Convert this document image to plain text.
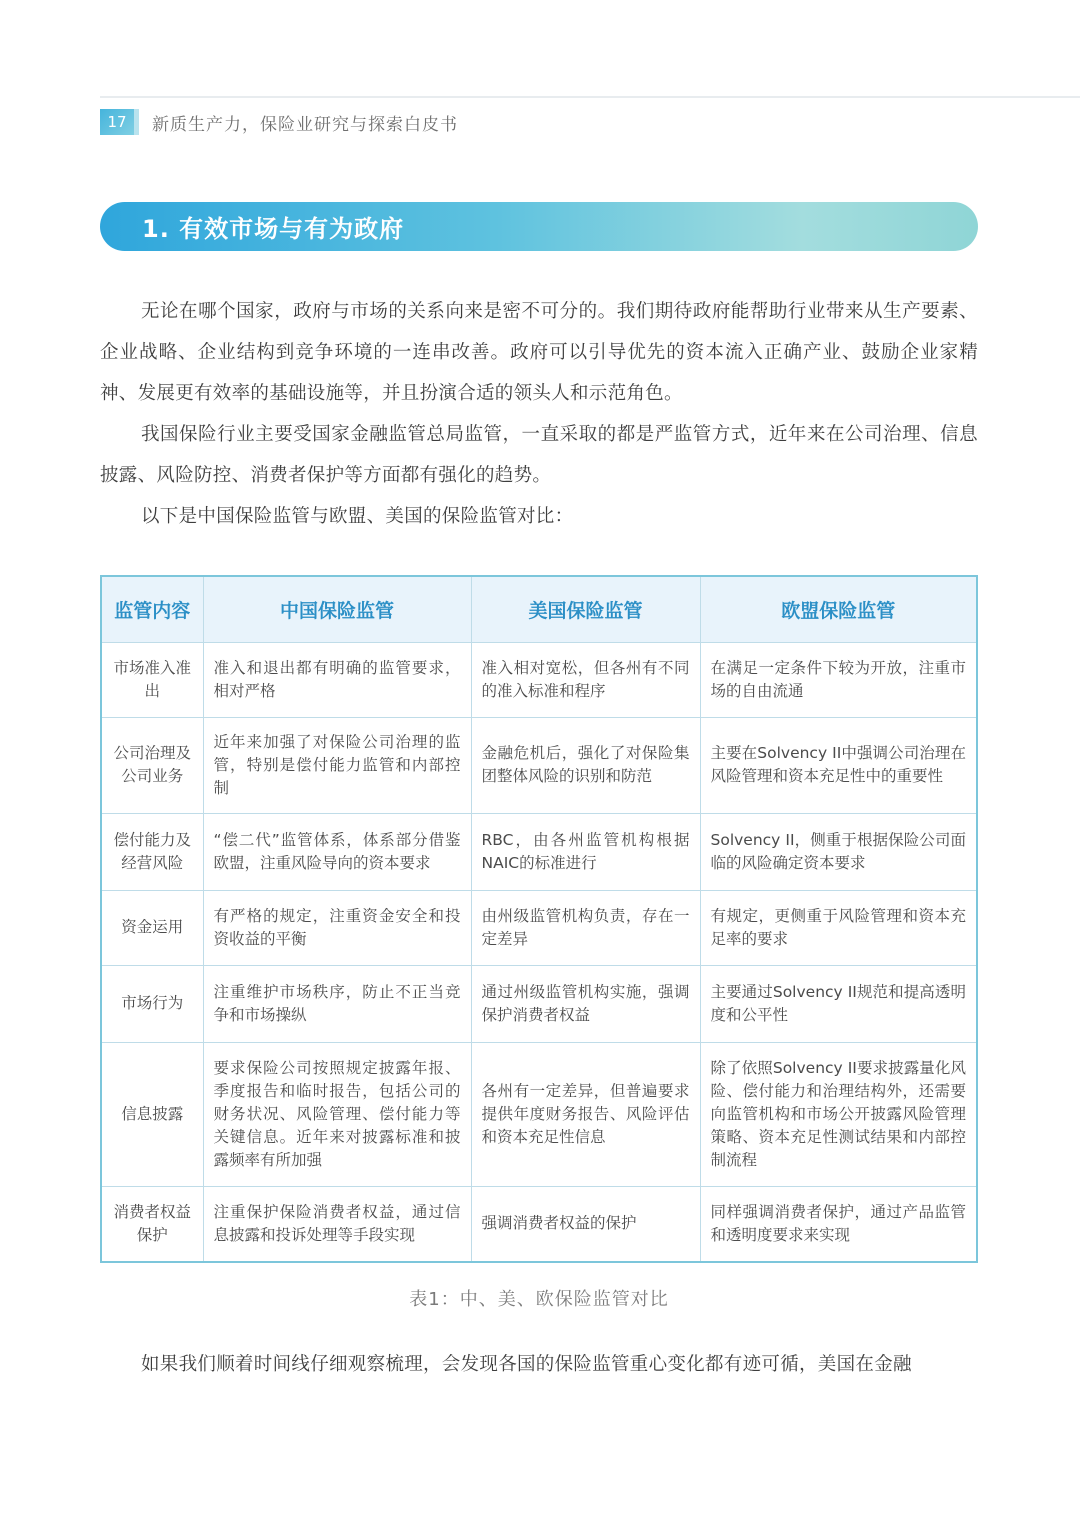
17	新质生产力，保险业研究与探索白皮书
1. 有效市场与有为政府

无论在哪个国家，政府与市场的关系向来是密不可分的。我们期待政府能帮助行业带来从生产要素、企业战略、企业结构到竞争环境的一连串改善。政府可以引导优先的资本流入正确产业、鼓励企业家精神、发展更有效率的基础设施等，并且扮演合适的领头人和示范角色。

我国保险行业主要受国家金融监管总局监管，一直采取的都是严监管方式，近年来在公司治理、信息披露、风险防控、消费者保护等方面都有强化的趋势。

以下是中国保险监管与欧盟、美国的保险监管对比：

监管内容	中国保险监管	美国保险监管	欧盟保险监管
市场准入准出	准入和退出都有明确的监管要求，相对严格	准入相对宽松，但各州有不同的准入标准和程序	在满足一定条件下较为开放，注重市场的自由流通
公司治理及公司业务	近年来加强了对保险公司治理的监管，特别是偿付能力监管和内部控制	金融危机后，强化了对保险集团整体风险的识别和防范	主要在Solvency II中强调公司治理在风险管理和资本充足性中的重要性
偿付能力及经营风险	“偿二代”监管体系，体系部分借鉴欧盟，注重风险导向的资本要求	RBC，由各州监管机构根据NAIC的标准进行	Solvency II，侧重于根据保险公司面临的风险确定资本要求
资金运用	有严格的规定，注重资金安全和投资收益的平衡	由州级监管机构负责，存在一定差异	有规定，更侧重于风险管理和资本充足率的要求
市场行为	注重维护市场秩序，防止不正当竞争和市场操纵	通过州级监管机构实施，强调保护消费者权益	主要通过Solvency II规范和提高透明度和公平性
信息披露	要求保险公司按照规定披露年报、季度报告和临时报告，包括公司的财务状况、风险管理、偿付能力等关键信息。近年来对披露标准和披露频率有所加强	各州有一定差异，但普遍要求提供年度财务报告、风险评估和资本充足性信息	除了依照Solvency II要求披露量化风险、偿付能力和治理结构外，还需要向监管机构和市场公开披露风险管理策略、资本充足性测试结果和内部控制流程
消费者权益保护	注重保护保险消费者权益，通过信息披露和投诉处理等手段实现	强调消费者权益的保护	同样强调消费者保护，通过产品监管和透明度要求来实现
表1：中、美、欧保险监管对比

如果我们顺着时间线仔细观察梳理，会发现各国的保险监管重心变化都有迹可循，美国在金融
